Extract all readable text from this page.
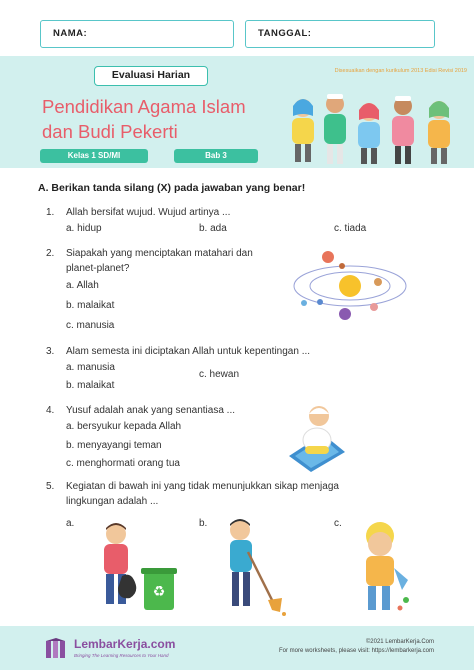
NAMA:	TANGGAL:
Evaluasi Harian
Pendidikan Agama Islam
dan Budi Pekerti
Kelas 1 SD/MI	Bab 3
Disesuaikan dengan kurikulum 2013 Edisi Revisi 2019
A. Berikan tanda silang (X) pada jawaban yang benar!
1. Allah bersifat wujud. Wujud artinya ...
a. hidup	b. ada	c. tiada
2. Siapakah yang menciptakan matahari dan
planet-planet?
a. Allah
b. malaikat
c. manusia
3. Alam semesta ini diciptakan Allah untuk kepentingan ...
a. manusia
b. malaikat
c. hewan
4. Yusuf adalah anak yang senantiasa ...
a. bersyukur kepada Allah
b. menyayangi teman
c. menghormati orang tua
5. Kegiatan di bawah ini yang tidak menunjukkan sikap menjaga
lingkungan adalah ...
a.	b.	c.
♻
LembarKerja.com
Bringing The Learning Resources to Your Hand
©2021 LembarKerja.Com
For more worksheets, please visit: https://lembarkerja.com
